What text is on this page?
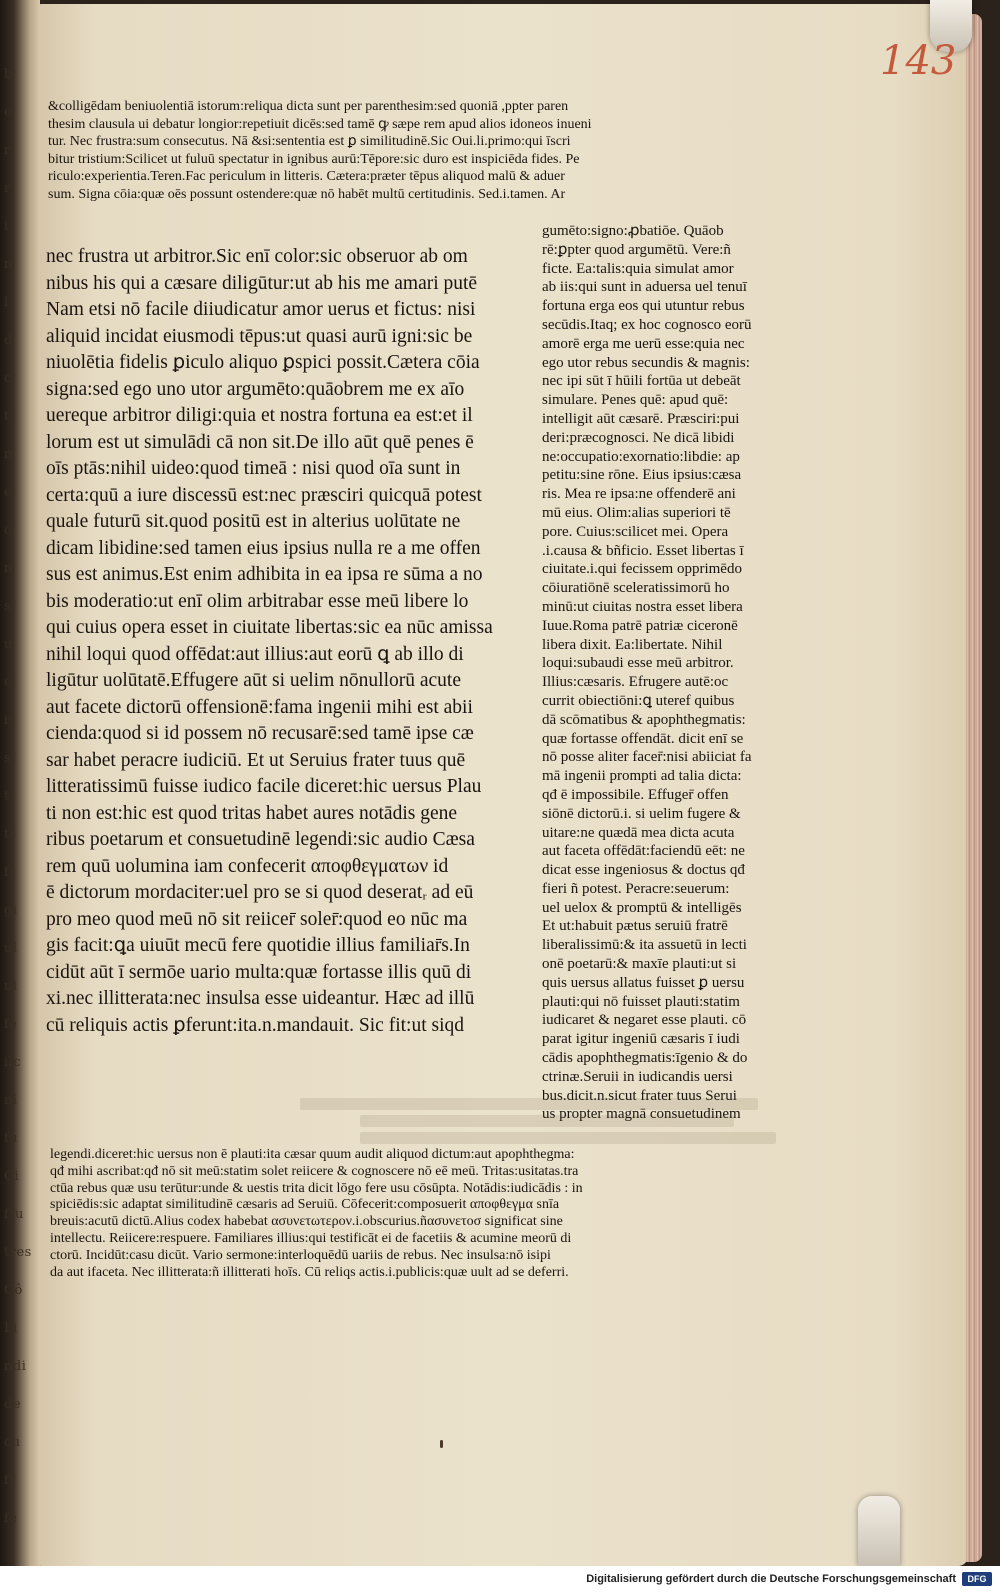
143
b
e
r
r
i
n
l
d
c
t
n
e
o
n
s
u
e
is
s
t
tt
fi
gi
ul
ui
fé
ilc
ni
fu
Ci
ftu
tres
Cô
Li
ndi
de
cu
ff
fe
&colligēdam beniuolentiā istorum:reliqua dicta sunt per parenthesim:sed quoniā ,ppter paren
thesim clausula ui debatur longior:repetiuit dicēs:sed tamē ꝙ sæpe rem apud alios idoneos inueni
tur. Nec frustra:sum consecutus. Nā &si:sententia est ꝑ similitudinē.Sic Oui.li.primo:qui īscri
bitur tristium:Scilicet ut fuluū spectatur in ignibus aurū:Tēpore:sic duro est inspiciēda fides. Pe
riculo:experientia.Teren.Fac periculum in litteris. Cætera:præter tēpus aliquod malū & aduer
sum. Signa cōia:quæ oēs possunt ostendere:quæ nō habēt multū certitudinis. Sed.i.tamen. Ar
nec frustra ut arbitror.Sic enī color:sic obseruor ab om
nibus his qui a cæsare diligūtur:ut ab his me amari putē
Nam etsi nō facile diiudicatur amor uerus et fictus: nisi
aliquid incidat eiusmodi tēpus:ut quasi aurū igni:sic be
niuolētia fidelis ꝑiculo aliquo ꝑspici possit.Cætera cōia
signa:sed ego uno utor argumēto:quāobrem me ex aīo
uereque arbitror diligi:quia et nostra fortuna ea est:et il
lorum est ut simulādi cā non sit.De illo aūt quē penes ē
oīs ptās:nihil uideo:quod timeā : nisi quod oīa sunt in
certa:quū a iure discessū est:nec præsciri quicquā potest
quale futurū sit.quod positū est in alterius uolūtate ne
dicam libidine:sed tamen eius ipsius nulla re a me offen
sus est animus.Est enim adhibita in ea ipsa re sūma a no
bis moderatio:ut enī olim arbitrabar esse meū libere lo
qui cuius opera esset in ciuitate libertas:sic ea nūc amissa
nihil loqui quod offēdat:aut illius:aut eorū ꝗ ab illo di
ligūtur uolūtatē.Effugere aūt si uelim nōnullorū acute
aut facete dictorū offensionē:fama ingenii mihi est abii
cienda:quod si id possem nō recusarē:sed tamē ipse cæ
sar habet peracre iudiciū. Et ut Seruius frater tuus quē
litteratissimū fuisse iudico facile diceret:hic uersus Plau
ti non est:hic est quod tritas habet aures notādis gene
ribus poetarum et consuetudinē legendi:sic audio Cæsa
rem quū uolumina iam confecerit αποφθεγματων id
ē dictorum mordaciter:uel pro se si quod deseratᵣ ad eū
pro meo quod meū nō sit reiicer̄ soler̄:quod eo nūc ma
gis facit:ꝗa uiuūt mecū fere quotidie illius familiar̄s.In
cidūt aūt ī sermōe uario multa:quæ fortasse illis quū di
xi.nec illitterata:nec insulsa esse uideantur. Hæc ad illū
cū reliquis actis ꝑferunt:ita.n.mandauit. Sic fit:ut siqd
gumēto:signo:ꝓbatiōe. Quāob
rē:ꝑpter quod argumētū. Vere:ñ
ficte. Ea:talis:quia simulat amor
ab iis:qui sunt in aduersa uel tenuī
fortuna erga eos qui utuntur rebus
secūdis.Itaq; ex hoc cognosco eorū
amorē erga me uerū esse:quia nec
ego utor rebus secundis & magnis:
nec ipi sūt ī hūili fortūa ut debeāt
simulare. Penes quē: apud quē:
intelligit aūt cæsarē. Præsciri:pui
deri:præcognosci. Ne dicā libidi
ne:occupatio:exornatio:libdie: ap
petitu:sine rōne. Eius ipsius:cæsa
ris. Mea re ipsa:ne offenderē ani
mū eius. Olim:alias superiori tē
pore. Cuius:scilicet mei. Opera
.i.causa & bñficio. Esset libertas ī
ciuitate.i.qui fecissem opprimēdo
cōiuratiōnē sceleratissimorū ho
minū:ut ciuitas nostra esset libera
Iuue.Roma patrē patriæ ciceronē
libera dixit. Ea:libertate. Nihil
loqui:subaudi esse meū arbitror.
Illius:cæsaris. Efrugere autē:oc
currit obiectiōni:ꝗ uteref quibus
dā scōmatibus & apophthegmatis:
quæ fortasse offendāt. dicit enī se
nō posse aliter facer̄:nisi abiiciat fa
mā ingenii prompti ad talia dicta:
qđ ē impossibile. Effuger̄ offen
siōnē dictorū.i. si uelim fugere &
uitare:ne quædā mea dicta acuta
aut faceta offēdāt:faciendū eēt: ne
dicat esse ingeniosus & doctus qđ
fieri ñ potest. Peracre:seuerum:
uel uelox & promptū & intelligēs
Et ut:habuit pætus seruiū fratrē
liberalissimū:& ita assuetū in lecti
onē poetarū:& maxīe plauti:ut si
quis uersus allatus fuisset ꝑ uersu
plauti:qui nō fuisset plauti:statim
iudicaret & negaret esse plauti. cō
parat igitur ingeniū cæsaris ī iudi
cādis apophthegmatis:īgenio & do
ctrinæ.Seruii in iudicandis uersi
bus.dicit.n.sicut frater tuus Serui
us propter magnā consuetudinem
legendi.diceret:hic uersus non ē plauti:ita cæsar quum audit aliquod dictum:aut apophthegma:
qđ mihi ascribat:qđ nō sit meū:statim solet reiicere & cognoscere nō eē meū. Tritas:usitatas.tra
ctūa rebus quæ usu terūtur:unde & uestis trita dicit lōgo fere usu cōsūpta. Notādis:iudicādis : in
spiciēdis:sic adaptat similitudinē cæsaris ad Seruiū. Cōfecerit:composuerit αποφθεγμα snīa
breuis:acutū dictū.Alius codex habebat ασυνετωτερον.i.obscurius.ñασυνετοσ significat sine
intellectu. Reiicere:respuere. Familiares illius:qui testificāt ei de facetiis & acumine meorū di
ctorū. Incidūt:casu dicūt. Vario sermone:interloquēdū uariis de rebus. Nec insulsa:nō isipi
da aut ifaceta. Nec illitterata:ñ illitterati hoīs. Cū reliqs actis.i.publicis:quæ uult ad se deferri.
Digitalisierung gefördert durch die Deutsche Forschungsgemeinschaft	DFG
